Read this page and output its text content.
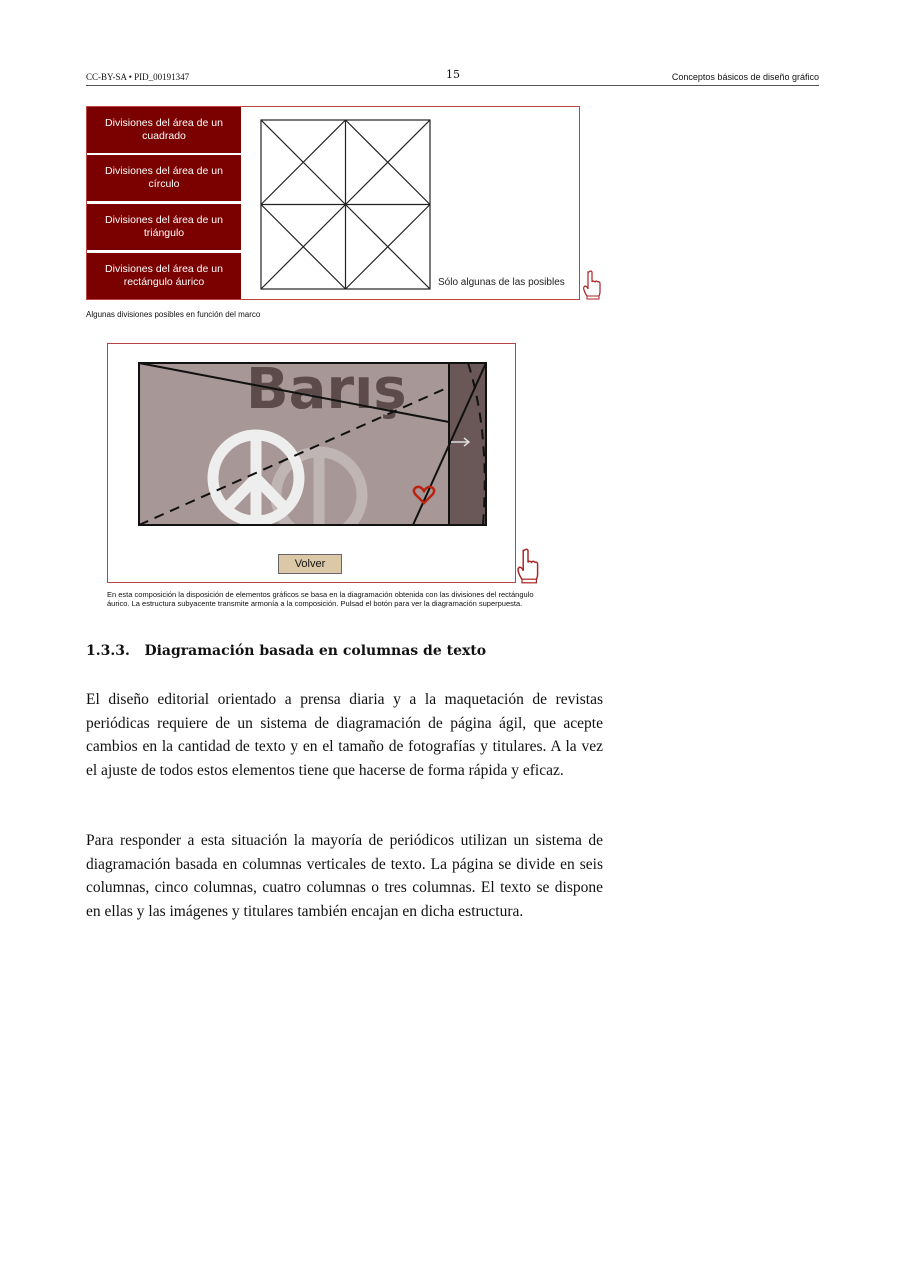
CC-BY-SA • PID_00191347	15	Conceptos básicos de diseño gráfico
Divisiones del área de un cuadrado
Divisiones del área de un círculo
Divisiones del área de un triángulo
Divisiones del área de un rectángulo áurico	Sólo algunas de las posibles
Algunas divisiones posibles en función del marco
Barış
Volver
En esta composición la disposición de elementos gráficos se basa en la diagramación obtenida con las divisiones del rectángulo áurico. La estructura subyacente transmite armonía a la composición. Pulsad el botón para ver la diagramación superpuesta.
1.3.3.   Diagramación basada en columnas de texto
El diseño editorial orientado a prensa diaria y a la maquetación de revistas periódicas requiere de un sistema de diagramación de página ágil, que acepte cambios en la cantidad de texto y en el tamaño de fotografías y titulares. A la vez el ajuste de todos estos elementos tiene que hacerse de forma rápida y eficaz.
Para responder a esta situación la mayoría de periódicos utilizan un sistema de diagramación basada en columnas verticales de texto. La página se divide en seis columnas, cinco columnas, cuatro columnas o tres columnas. El texto se dispone en ellas y las imágenes y titulares también encajan en dicha estructura.
